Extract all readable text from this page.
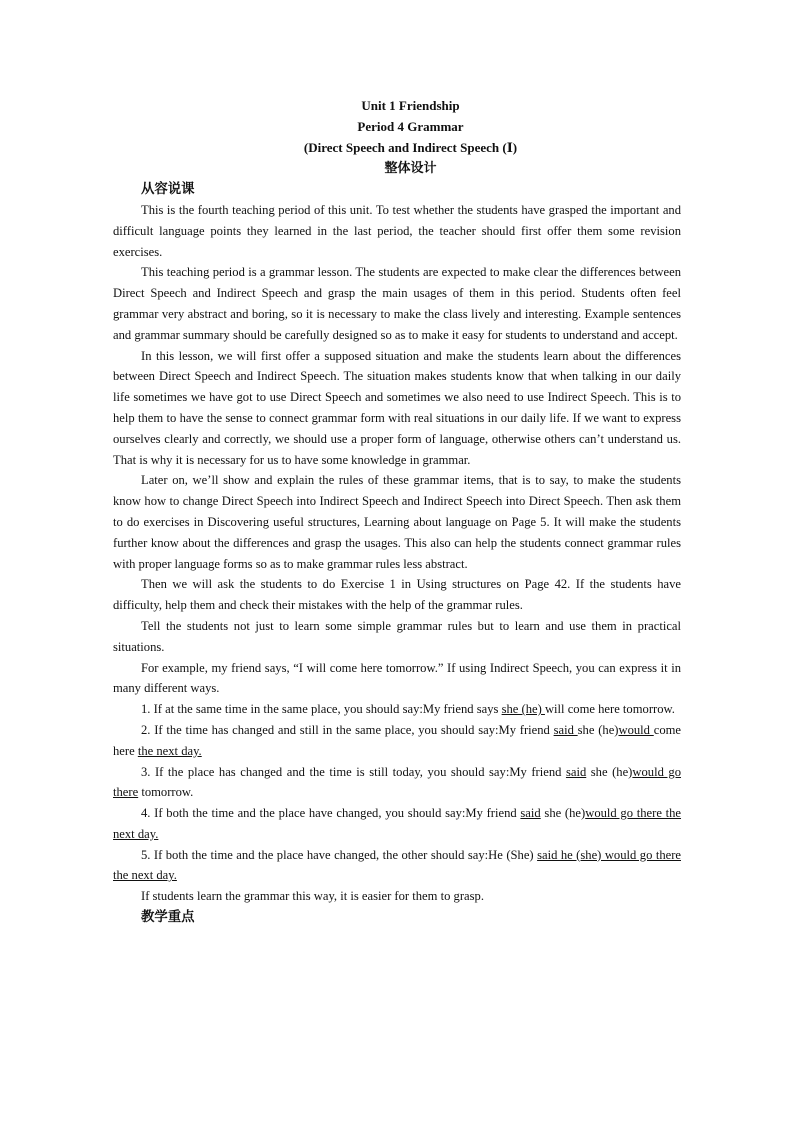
Unit 1 Friendship
Period 4 Grammar
(Direct Speech and Indirect Speech (Ⅰ)
整体设计
从容说课

This is the fourth teaching period of this unit. To test whether the students have grasped the important and difficult language points they learned in the last period, the teacher should first offer them some revision exercises.

This teaching period is a grammar lesson. The students are expected to make clear the differences between Direct Speech and Indirect Speech and grasp the main usages of them in this period. Students often feel grammar very abstract and boring, so it is necessary to make the class lively and interesting. Example sentences and grammar summary should be carefully designed so as to make it easy for students to understand and accept.

In this lesson, we will first offer a supposed situation and make the students learn about the differences between Direct Speech and Indirect Speech. The situation makes students know that when talking in our daily life sometimes we have got to use Direct Speech and sometimes we also need to use Indirect Speech. This is to help them to have the sense to connect grammar form with real situations in our daily life. If we want to express ourselves clearly and correctly, we should use a proper form of language, otherwise others can’t understand us. That is why it is necessary for us to have some knowledge in grammar.

Later on, we’ll show and explain the rules of these grammar items, that is to say, to make the students know how to change Direct Speech into Indirect Speech and Indirect Speech into Direct Speech. Then ask them to do exercises in Discovering useful structures, Learning about language on Page 5. It will make the students further know about the differences and grasp the usages. This also can help the students connect grammar rules with proper language forms so as to make grammar rules less abstract.

Then we will ask the students to do Exercise 1 in Using structures on Page 42. If the students have difficulty, help them and check their mistakes with the help of the grammar rules.

Tell the students not just to learn some simple grammar rules but to learn and use them in practical situations.

For example, my friend says, “I will come here tomorrow.” If using Indirect Speech, you can express it in many different ways.

1. If at the same time in the same place, you should say:My friend says she (he) will come here tomorrow.

2. If the time has changed and still in the same place, you should say:My friend said she (he)would come here the next day.

3. If the place has changed and the time is still today, you should say:My friend said she (he)would go there tomorrow.

4. If both the time and the place have changed, you should say:My friend said she (he)would go there the next day.

5. If both the time and the place have changed, the other should say:He (She) said he (she) would go there the next day.

If students learn the grammar this way, it is easier for them to grasp.

教学重点
